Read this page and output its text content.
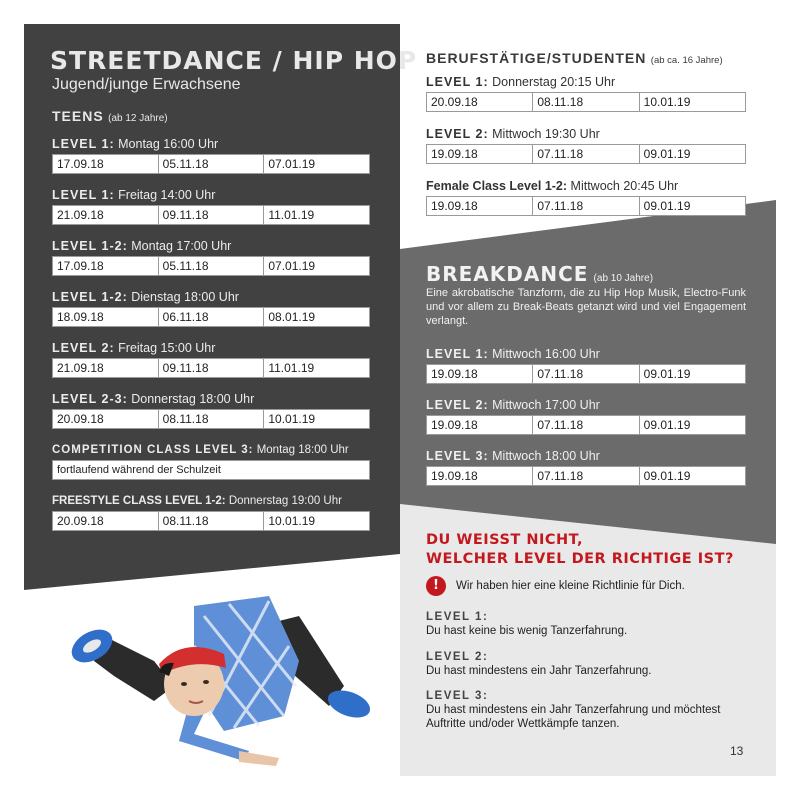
STREETDANCE / HIP HOP
Jugend/junge Erwachsene
TEENS (ab 12 Jahre)
LEVEL 1: Montag 16:00 Uhr
17.09.18	05.11.18	07.01.19
LEVEL 1: Freitag 14:00 Uhr
21.09.18	09.11.18	11.01.19
LEVEL 1-2: Montag 17:00 Uhr
17.09.18	05.11.18	07.01.19
LEVEL 1-2: Dienstag 18:00 Uhr
18.09.18	06.11.18	08.01.19
LEVEL 2: Freitag 15:00 Uhr
21.09.18	09.11.18	11.01.19
LEVEL 2-3: Donnerstag 18:00 Uhr
20.09.18	08.11.18	10.01.19
COMPETITION CLASS LEVEL 3: Montag 18:00 Uhr
fortlaufend während der Schulzeit
FREESTYLE CLASS LEVEL 1-2: Donnerstag 19:00 Uhr
20.09.18	08.11.18	10.01.19
BERUFSTÄTIGE/STUDENTEN (ab ca. 16 Jahre)
LEVEL 1: Donnerstag 20:15 Uhr
20.09.18	08.11.18	10.01.19
LEVEL 2: Mittwoch 19:30 Uhr
19.09.18	07.11.18	09.01.19
Female Class Level 1-2: Mittwoch 20:45 Uhr
19.09.18	07.11.18	09.01.19
BREAKDANCE (ab 10 Jahre)
Eine akrobatische Tanzform, die zu Hip Hop Musik, Electro-Funk und vor allem zu Break-Beats getanzt wird und viel Engagement verlangt.
LEVEL 1: Mittwoch 16:00 Uhr
19.09.18	07.11.18	09.01.19
LEVEL 2: Mittwoch 17:00 Uhr
19.09.18	07.11.18	09.01.19
LEVEL 3: Mittwoch 18:00 Uhr
19.09.18	07.11.18	09.01.19
DU WEISST NICHT,
WELCHER LEVEL DER RICHTIGE IST?
!	Wir haben hier eine kleine Richtlinie für Dich.
LEVEL 1:
Du hast keine bis wenig Tanzerfahrung.
LEVEL 2:
Du hast mindestens ein Jahr Tanzerfahrung.
LEVEL 3:
Du hast mindestens ein Jahr Tanzerfahrung und möchtest Auftritte und/oder Wettkämpfe tanzen.
13
